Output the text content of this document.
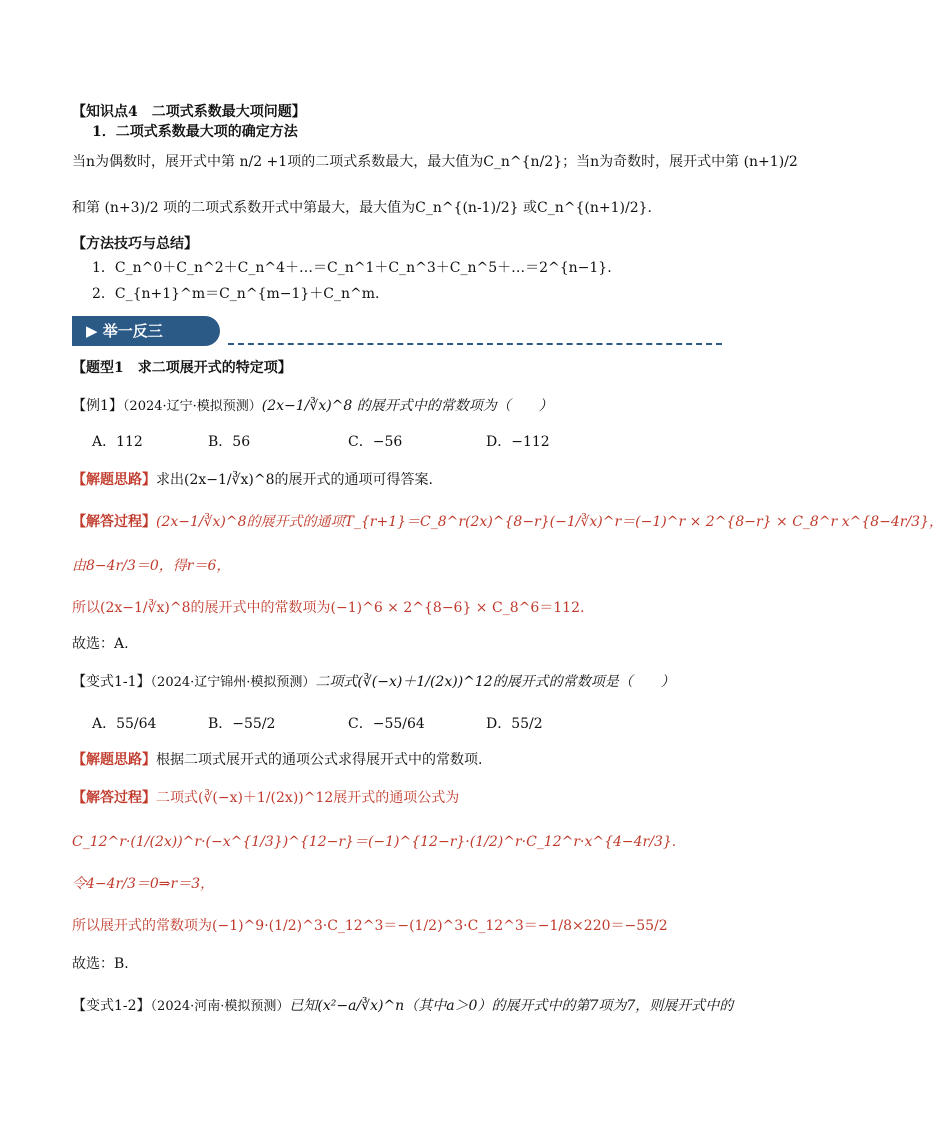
【知识点4　二项式系数最大项问题】
1．二项式系数最大项的确定方法
当n为偶数时，展开式中第 n/2 +1项的二项式系数最大，最大值为C_n^{n/2}；当n为奇数时，展开式中第 (n+1)/2
和第 (n+3)/2 项的二项式系数开式中第最大，最大值为C_n^{(n-1)/2} 或C_n^{(n+1)/2}.
【方法技巧与总结】
1．C_n^0＋C_n^2＋C_n^4＋…＝C_n^1＋C_n^3＋C_n^5＋…＝2^{n−1}.
2．C_{n+1}^m＝C_n^{m−1}＋C_n^m.
▶ 举一反三
【题型1　求二项展开式的特定项】
【例1】（2024·辽宁·模拟预测）(2x−1/∛x)^8 的展开式中的常数项为（　　）
A．112	B．56	C．−56	D．−112
【解题思路】求出(2x−1/∛x)^8的展开式的通项可得答案.
【解答过程】(2x−1/∛x)^8的展开式的通项T_{r+1}＝C_8^r(2x)^{8−r}(−1/∛x)^r＝(−1)^r × 2^{8−r} × C_8^r x^{8−4r/3}，
由8−4r/3＝0，得r＝6，
所以(2x−1/∛x)^8的展开式中的常数项为(−1)^6 × 2^{8−6} × C_8^6＝112.
故选：A.
【变式1-1】（2024·辽宁锦州·模拟预测）二项式(∛(−x)＋1/(2x))^12的展开式的常数项是（　　）
A．55/64	B．−55/2	C．−55/64	D．55/2
【解题思路】根据二项式展开式的通项公式求得展开式中的常数项.
【解答过程】二项式(∛(−x)＋1/(2x))^12展开式的通项公式为
C_12^r·(1/(2x))^r·(−x^{1/3})^{12−r}＝(−1)^{12−r}·(1/2)^r·C_12^r·x^{4−4r/3}.
令4−4r/3＝0⇒r＝3，
所以展开式的常数项为(−1)^9·(1/2)^3·C_12^3＝−(1/2)^3·C_12^3＝−1/8×220＝−55/2
故选：B.
【变式1-2】（2024·河南·模拟预测）已知(x²−a/∛x)^n（其中a＞0）的展开式中的第7项为7，则展开式中的
